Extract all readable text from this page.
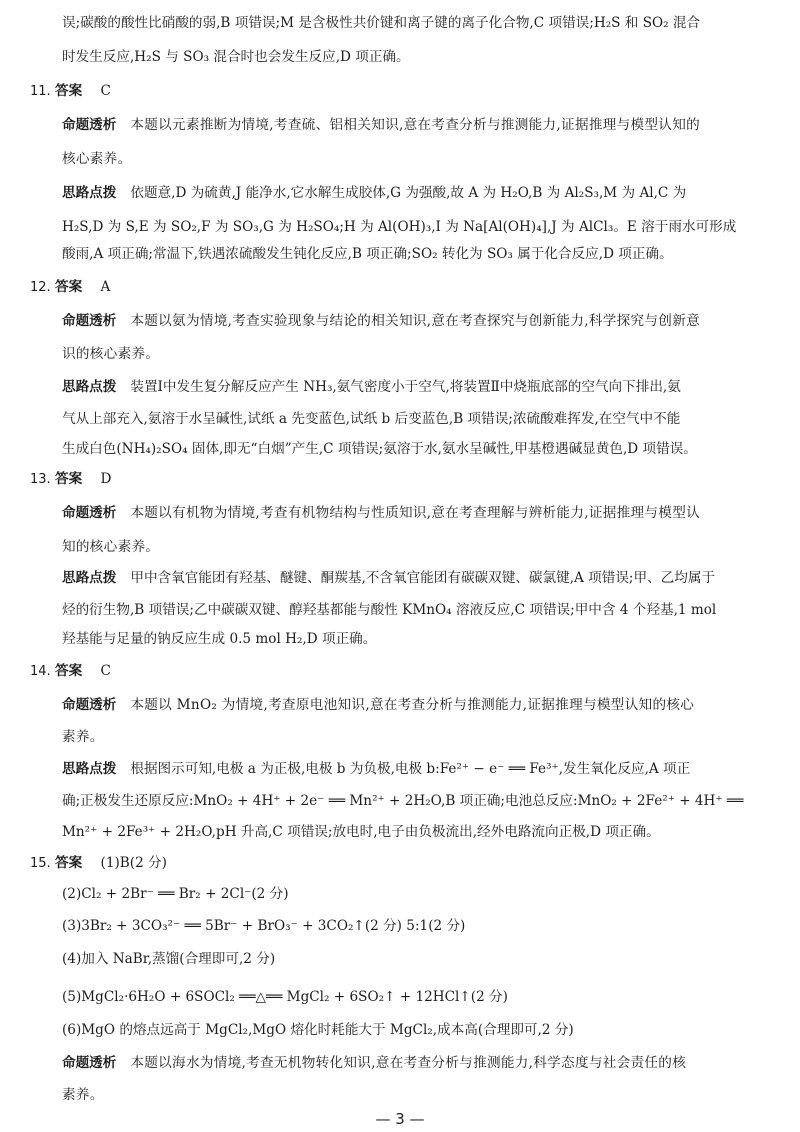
误;碳酸的酸性比硝酸的弱,B 项错误;M 是含极性共价键和离子键的离子化合物,C 项错误;H₂S 和 SO₂ 混合
时发生反应,H₂S 与 SO₃ 混合时也会发生反应,D 项正确。
11. 答案 C
命题透析 本题以元素推断为情境,考查硫、铝相关知识,意在考查分析与推测能力,证据推理与模型认知的
核心素养。
思路点拨 依题意,D 为硫黄,J 能净水,它水解生成胶体,G 为强酸,故 A 为 H₂O,B 为 Al₂S₃,M 为 Al,C 为
H₂S,D 为 S,E 为 SO₂,F 为 SO₃,G 为 H₂SO₄;H 为 Al(OH)₃,I 为 Na[Al(OH)₄],J 为 AlCl₃。E 溶于雨水可形成
酸雨,A 项正确;常温下,铁遇浓硫酸发生钝化反应,B 项正确;SO₂ 转化为 SO₃ 属于化合反应,D 项正确。
12. 答案 A
命题透析 本题以氨为情境,考查实验现象与结论的相关知识,意在考查探究与创新能力,科学探究与创新意
识的核心素养。
思路点拨 装置Ⅰ中发生复分解反应产生 NH₃,氨气密度小于空气,将装置Ⅱ中烧瓶底部的空气向下排出,氨
气从上部充入,氨溶于水呈碱性,试纸 a 先变蓝色,试纸 b 后变蓝色,B 项错误;浓硫酸难挥发,在空气中不能
生成白色(NH₄)₂SO₄ 固体,即无“白烟”产生,C 项错误;氨溶于水,氨水呈碱性,甲基橙遇碱显黄色,D 项错误。
13. 答案 D
命题透析 本题以有机物为情境,考查有机物结构与性质知识,意在考查理解与辨析能力,证据推理与模型认
知的核心素养。
思路点拨 甲中含氧官能团有羟基、醚键、酮羰基,不含氧官能团有碳碳双键、碳氯键,A 项错误;甲、乙均属于
烃的衍生物,B 项错误;乙中碳碳双键、醇羟基都能与酸性 KMnO₄ 溶液反应,C 项错误;甲中含 4 个羟基,1 mol
羟基能与足量的钠反应生成 0.5 mol H₂,D 项正确。
14. 答案 C
命题透析 本题以 MnO₂ 为情境,考查原电池知识,意在考查分析与推测能力,证据推理与模型认知的核心
素养。
思路点拨 根据图示可知,电极 a 为正极,电极 b 为负极,电极 b:Fe²⁺ − e⁻ ══ Fe³⁺,发生氧化反应,A 项正
确;正极发生还原反应:MnO₂ + 4H⁺ + 2e⁻ ══ Mn²⁺ + 2H₂O,B 项正确;电池总反应:MnO₂ + 2Fe²⁺ + 4H⁺ ══
Mn²⁺ + 2Fe³⁺ + 2H₂O,pH 升高,C 项错误;放电时,电子由负极流出,经外电路流向正极,D 项正确。
15. 答案 (1)B(2 分)
(2)Cl₂ + 2Br⁻ ══ Br₂ + 2Cl⁻(2 分)
(3)3Br₂ + 3CO₃²⁻ ══ 5Br⁻ + BrO₃⁻ + 3CO₂↑(2 分) 5:1(2 分)
(4)加入 NaBr,蒸馏(合理即可,2 分)
(5)MgCl₂·6H₂O + 6SOCl₂ ══△══ MgCl₂ + 6SO₂↑ + 12HCl↑(2 分)
(6)MgO 的熔点远高于 MgCl₂,MgO 熔化时耗能大于 MgCl₂,成本高(合理即可,2 分)
命题透析 本题以海水为情境,考查无机物转化知识,意在考查分析与推测能力,科学态度与社会责任的核
素养。
— 3 —
